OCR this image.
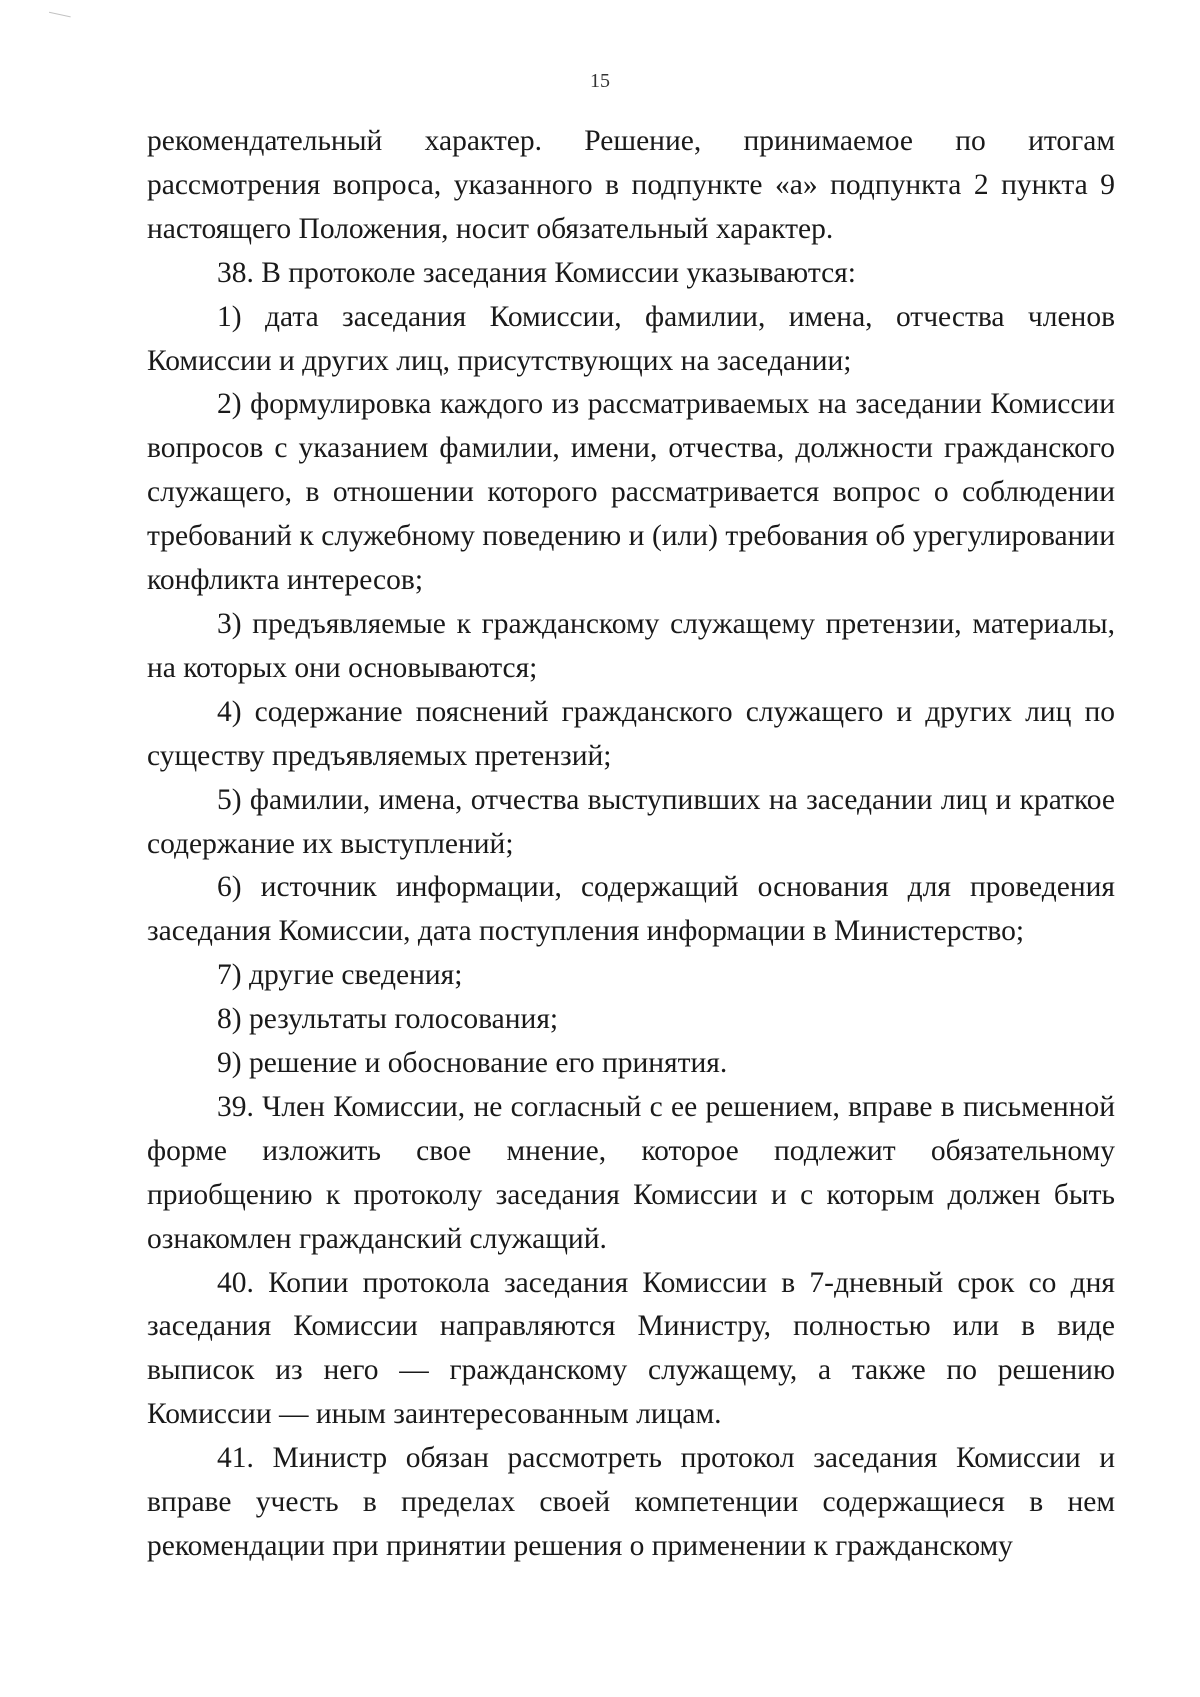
15

рекомендательный характер. Решение, принимаемое по итогам рассмотрения вопроса, указанного в подпункте «а» подпункта 2 пункта 9 настоящего Положения, носит обязательный характер.

38. В протоколе заседания Комиссии указываются:

1) дата заседания Комиссии, фамилии, имена, отчества членов Комиссии и других лиц, присутствующих на заседании;

2) формулировка каждого из рассматриваемых на заседании Комиссии вопросов с указанием фамилии, имени, отчества, должности гражданского служащего, в отношении которого рассматривается вопрос о соблюдении требований к служебному поведению и (или) требования об урегулировании конфликта интересов;

3) предъявляемые к гражданскому служащему претензии, материалы, на которых они основываются;

4) содержание пояснений гражданского служащего и других лиц по существу предъявляемых претензий;

5) фамилии, имена, отчества выступивших на заседании лиц и краткое содержание их выступлений;

6) источник информации, содержащий основания для проведения заседания Комиссии, дата поступления информации в Министерство;

7) другие сведения;

8) результаты голосования;

9) решение и обоснование его принятия.

39. Член Комиссии, не согласный с ее решением, вправе в письменной форме изложить свое мнение, которое подлежит обязательному приобщению к протоколу заседания Комиссии и с которым должен быть ознакомлен гражданский служащий.

40. Копии протокола заседания Комиссии в 7-дневный срок со дня заседания Комиссии направляются Министру, полностью или в виде выписок из него — гражданскому служащему, а также по решению Комиссии — иным заинтересованным лицам.

41. Министр обязан рассмотреть протокол заседания Комиссии и вправе учесть в пределах своей компетенции содержащиеся в нем рекомендации при принятии решения о применении к гражданскому
